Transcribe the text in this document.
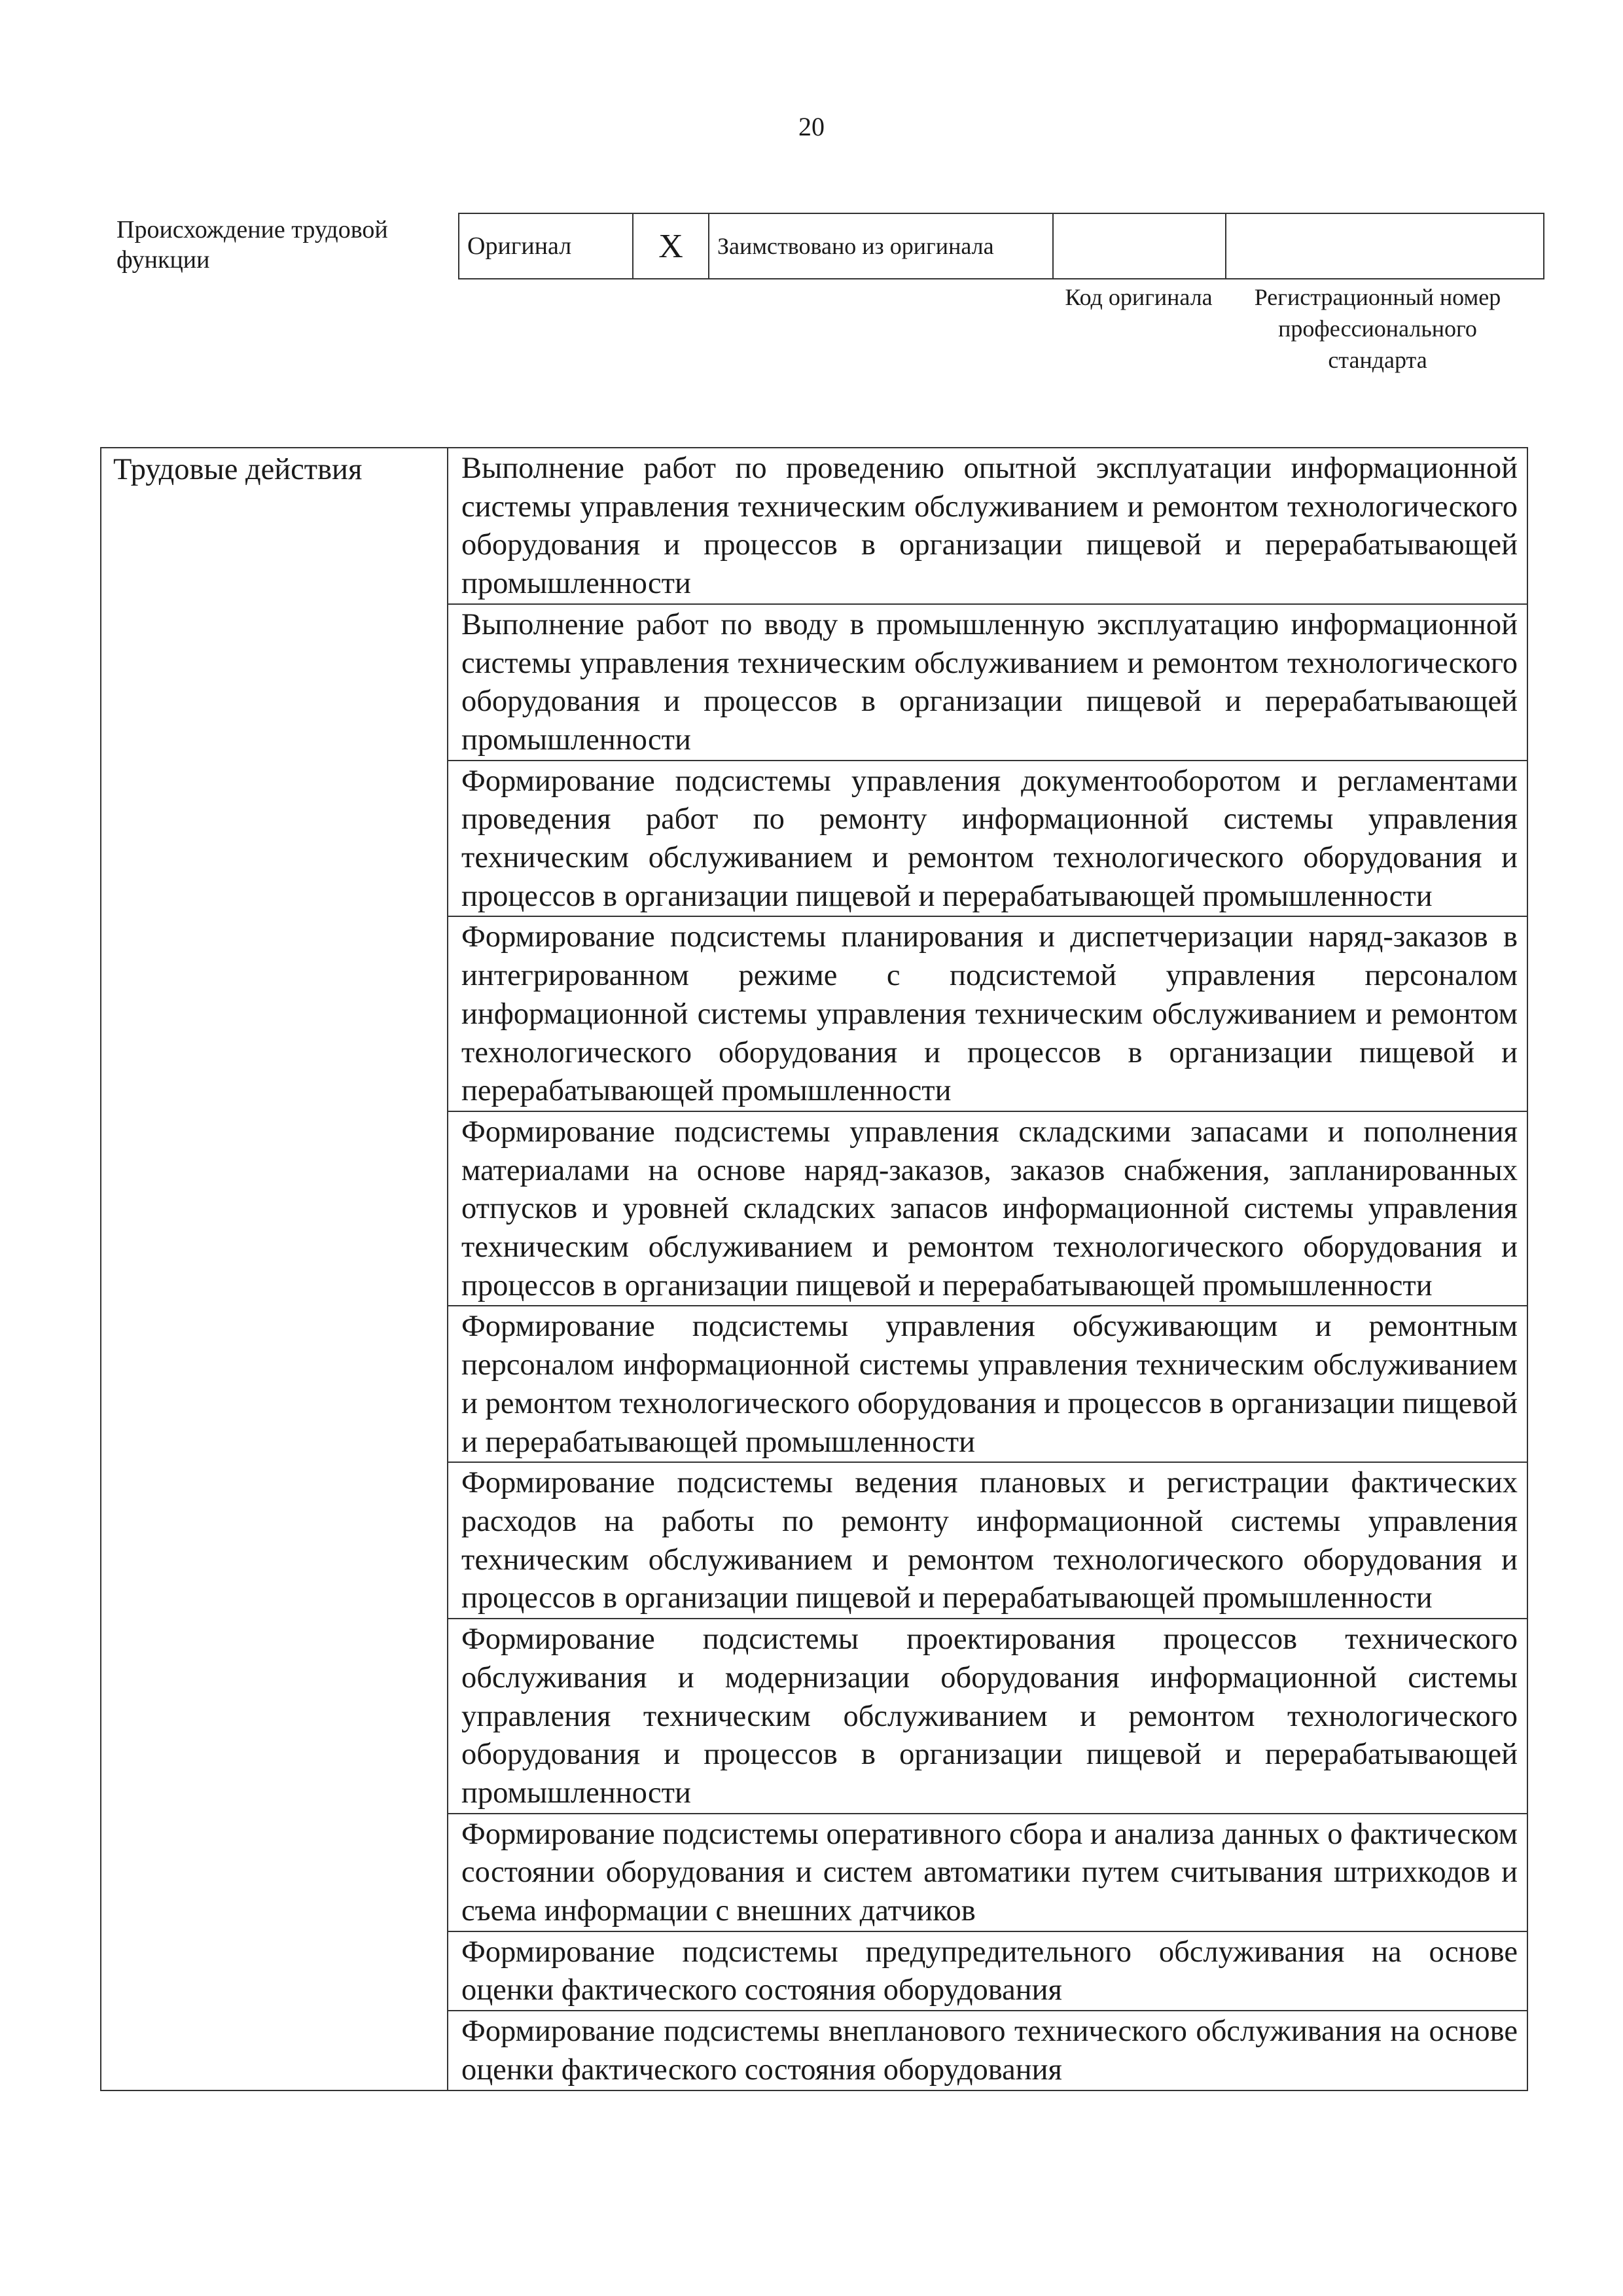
20
Происхождение трудовой функции	Оригинал	X	Заимствовано из оригинала		
Код оригинала	Регистрационный номер профессионального стандарта
Трудовые действия	Выполнение работ по проведению опытной эксплуатации информационной системы управления техническим обслуживанием и ремонтом технологического оборудования и процессов в организации пищевой и перерабатывающей промышленности
Выполнение работ по вводу в промышленную эксплуатацию информационной системы управления техническим обслуживанием и ремонтом технологического оборудования и процессов в организации пищевой и перерабатывающей промышленности
Формирование подсистемы управления документооборотом и регламентами проведения работ по ремонту информационной системы управления техническим обслуживанием и ремонтом технологического оборудования и процессов в организации пищевой и перерабатывающей промышленности
Формирование подсистемы планирования и диспетчеризации наряд-заказов в интегрированном режиме с подсистемой управления персоналом информационной системы управления техническим обслуживанием и ремонтом технологического оборудования и процессов в организации пищевой и перерабатывающей промышленности
Формирование подсистемы управления складскими запасами и пополнения материалами на основе наряд-заказов, заказов снабжения, запланированных отпусков и уровней складских запасов информационной системы управления техническим обслуживанием и ремонтом технологического оборудования и процессов в организации пищевой и перерабатывающей промышленности
Формирование подсистемы управления обсуживающим и ремонтным персоналом информационной системы управления техническим обслуживанием и ремонтом технологического оборудования и процессов в организации пищевой и перерабатывающей промышленности
Формирование подсистемы ведения плановых и регистрации фактических расходов на работы по ремонту информационной системы управления техническим обслуживанием и ремонтом технологического оборудования и процессов в организации пищевой и перерабатывающей промышленности
Формирование подсистемы проектирования процессов технического обслуживания и модернизации оборудования информационной системы управления техническим обслуживанием и ремонтом технологического оборудования и процессов в организации пищевой и перерабатывающей промышленности
Формирование подсистемы оперативного сбора и анализа данных о фактическом состоянии оборудования и систем автоматики путем считывания штрихкодов и съема информации с внешних датчиков
Формирование подсистемы предупредительного обслуживания на основе оценки фактического состояния оборудования
Формирование подсистемы внепланового технического обслуживания на основе оценки фактического состояния оборудования
